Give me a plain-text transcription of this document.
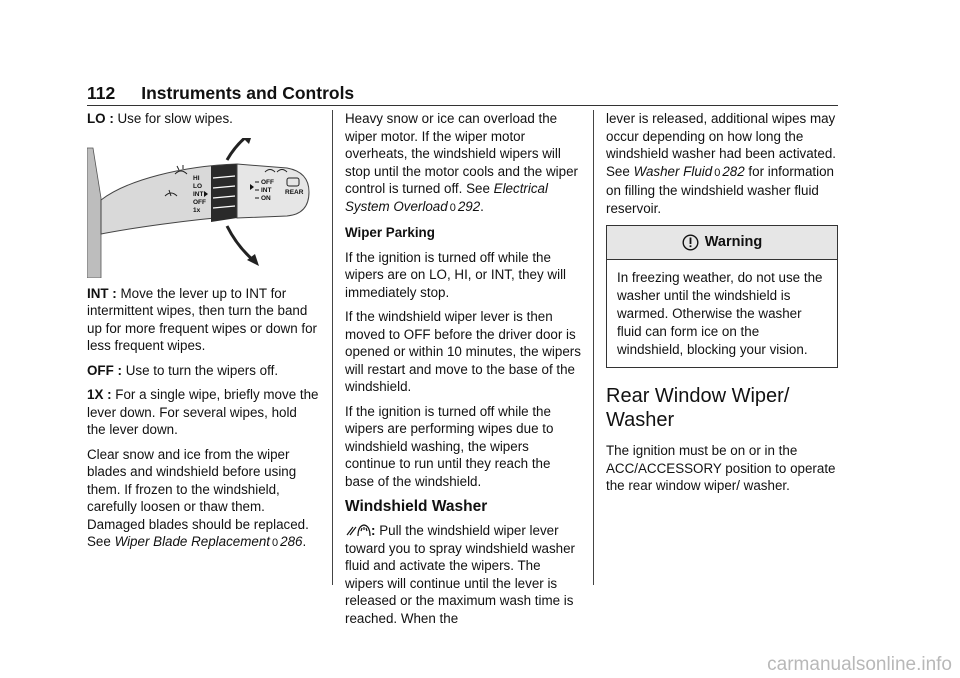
112 Instruments and Controls

LO : Use for slow wipes.

HI
LO
INT
OFF
1x
OFF
INT
ON
REAR

INT : Move the lever up to INT for intermittent wipes, then turn the band up for more frequent wipes or down for less frequent wipes.

OFF : Use to turn the wipers off.

1X : For a single wipe, briefly move the lever down. For several wipes, hold the lever down.

Clear snow and ice from the wiper blades and windshield before using them. If frozen to the windshield, carefully loosen or thaw them. Damaged blades should be replaced. See Wiper Blade Replacement 0 286.

Heavy snow or ice can overload the wiper motor. If the wiper motor overheats, the windshield wipers will stop until the motor cools and the wiper control is turned off. See Electrical System Overload 0 292.

Wiper Parking

If the ignition is turned off while the wipers are on LO, HI, or INT, they will immediately stop.

If the windshield wiper lever is then moved to OFF before the driver door is opened or within 10 minutes, the wipers will restart and move to the base of the windshield.

If the ignition is turned off while the wipers are performing wipes due to windshield washing, the wipers continue to run until they reach the base of the windshield.

Windshield Washer

: Pull the windshield wiper lever toward you to spray windshield washer fluid and activate the wipers. The wipers will continue until the lever is released or the maximum wash time is reached. When the

lever is released, additional wipes may occur depending on how long the windshield washer had been activated. See Washer Fluid 0 282 for information on filling the windshield washer fluid reservoir.

Warning
In freezing weather, do not use the washer until the windshield is warmed. Otherwise the washer fluid can form ice on the windshield, blocking your vision.
Rear Window Wiper/
Washer

The ignition must be on or in the ACC/ACCESSORY position to operate the rear window wiper/ washer.

carmanualsonline.info
